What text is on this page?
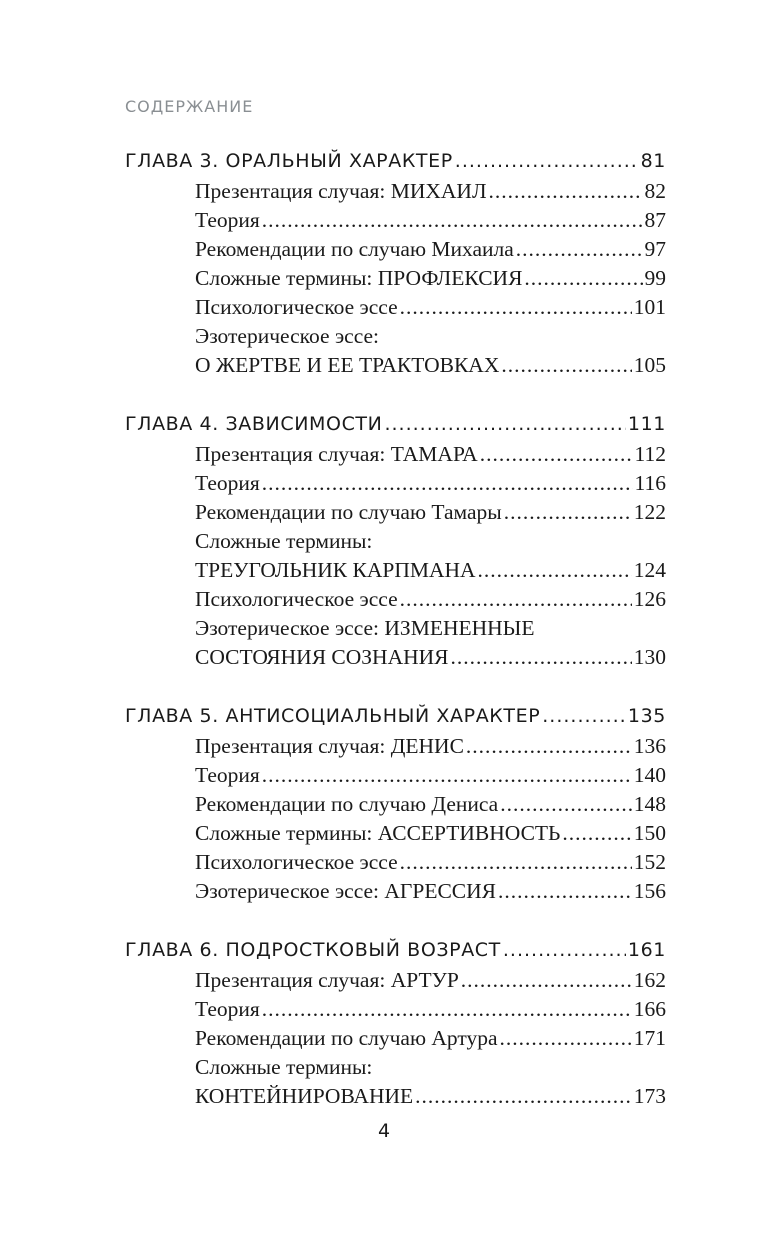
СОДЕРЖАНИЕ
ГЛАВА 3. ОРАЛЬНЫЙ ХАРАКТЕР .....	81
Презентация случая: МИХАИЛ .....	82
Теория .....	87
Рекомендации по случаю Михаила .....	97
Сложные термины: ПРОФЛЕКСИЯ .....	99
Психологическое эссе .....	101
Эзотерическое эссе:
О ЖЕРТВЕ И ЕЕ ТРАКТОВКАХ .....	105
ГЛАВА 4. ЗАВИСИМОСТИ .....	111
Презентация случая: ТАМАРА .....	112
Теория .....	116
Рекомендации по случаю Тамары .....	122
Сложные термины:
ТРЕУГОЛЬНИК КАРПМАНА .....	124
Психологическое эссе .....	126
Эзотерическое эссе: ИЗМЕНЕННЫЕ
СОСТОЯНИЯ СОЗНАНИЯ .....	130
ГЛАВА 5. АНТИСОЦИАЛЬНЫЙ ХАРАКТЕР .....	135
Презентация случая: ДЕНИС .....	136
Теория .....	140
Рекомендации по случаю Дениса .....	148
Сложные термины: АССЕРТИВНОСТЬ .....	150
Психологическое эссе .....	152
Эзотерическое эссе: АГРЕССИЯ .....	156
ГЛАВА 6. ПОДРОСТКОВЫЙ ВОЗРАСТ .....	161
Презентация случая: АРТУР .....	162
Теория .....	166
Рекомендации по случаю Артура .....	171
Сложные термины:
КОНТЕЙНИРОВАНИЕ .....	173
4
